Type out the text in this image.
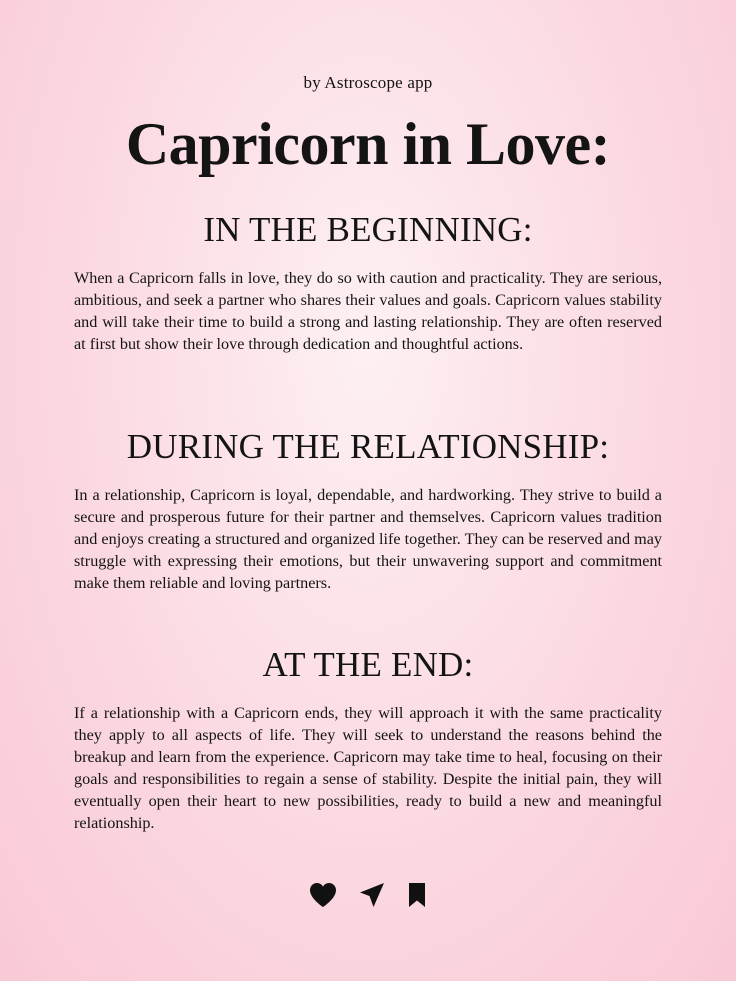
by Astroscope app
Capricorn in Love:
IN THE BEGINNING:

When a Capricorn falls in love, they do so with caution and practicality. They are serious, ambitious, and seek a partner who shares their values and goals. Capricorn values stability and will take their time to build a strong and lasting relationship. They are often reserved at first but show their love through dedication and thoughtful actions.

DURING THE RELATIONSHIP:

In a relationship, Capricorn is loyal, dependable, and hardworking. They strive to build a secure and prosperous future for their partner and themselves. Capricorn values tradition and enjoys creating a structured and organized life together. They can be reserved and may struggle with expressing their emotions, but their unwavering support and commitment make them reliable and loving partners.

AT THE END:

If a relationship with a Capricorn ends, they will approach it with the same practicality they apply to all aspects of life. They will seek to understand the reasons behind the breakup and learn from the experience. Capricorn may take time to heal, focusing on their goals and responsibilities to regain a sense of stability. Despite the initial pain, they will eventually open their heart to new possibilities, ready to build a new and meaningful relationship.
